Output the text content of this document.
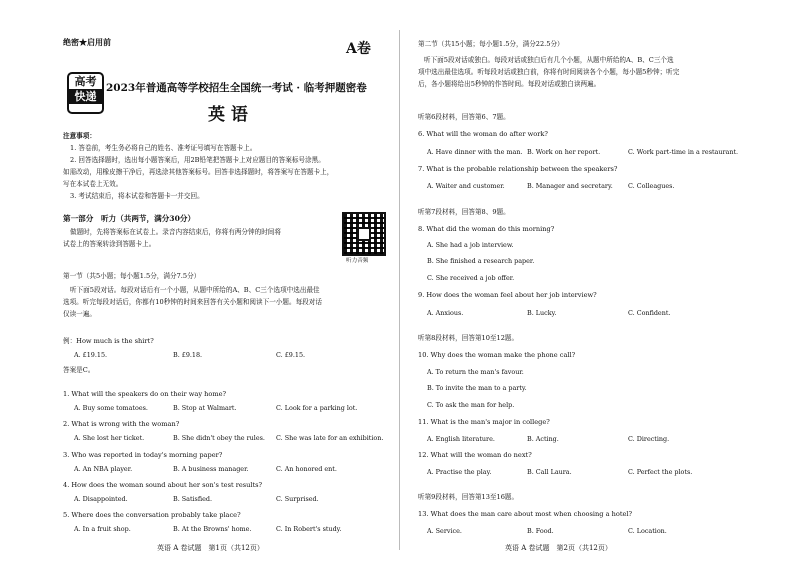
绝密★启用前	A卷
高考
快递
2023年普通高等学校招生全国统一考试 · 临考押题密卷
英 语
注意事项：
1. 答卷前，考生务必将自己的姓名、准考证号填写在答题卡上。
2. 回答选择题时，选出每小题答案后，用2B铅笔把答题卡上对应题目的答案标号涂黑。
如需改动，用橡皮擦干净后，再选涂其他答案标号。回答非选择题时，将答案写在答题卡上，
写在本试卷上无效。
3. 考试结束后，将本试卷和答题卡一并交回。
第一部分　听力（共两节，满分30分）
做题时，先将答案标在试卷上。录音内容结束后，你将有两分钟的时间将
试卷上的答案转涂到答题卡上。
听力音频
第一节（共5小题；每小题1.5分，满分7.5分）
听下面5段对话。每段对话后有一个小题，从题中所给的A、B、C三个选项中选出最佳
选项。听完每段对话后，你都有10秒钟的时间来回答有关小题和阅读下一小题。每段对话
仅读一遍。
例：How much is the shirt?
A. £19.15.	B. £9.18.	C. £9.15.
答案是C。
1. What will the speakers do on their way home?
A. Buy some tomatoes.	B. Stop at Walmart.	C. Look for a parking lot.
2. What is wrong with the woman?
A. She lost her ticket.	B. She didn't obey the rules. C. She was late for an exhibition.
3. Who was reported in today's morning paper?
A. An NBA player.	B. A business manager.	C. An honored ent.
4. How does the woman sound about her son's test results?
A. Disappointed.	B. Satisfied.	C. Surprised.
5. Where does the conversation probably take place?
A. In a fruit shop.	B. At the Browns' home.	C. In Robert's study.
英语 A 卷试题　第1页（共12页）
第二节（共15小题；每小题1.5分，满分22.5分）
听下面5段对话或独白。每段对话或独白后有几个小题，从题中所给的A、B、C三个选
项中选出最佳选项。听每段对话或独白前，你将有时间阅读各个小题，每小题5秒钟；听完
后，各小题将给出5秒钟的作答时间。每段对话或独白读两遍。
听第6段材料，回答第6、7题。
6. What will the woman do after work?
A. Have dinner with the man. B. Work on her report.	C. Work part-time in a restaurant.
7. What is the probable relationship between the speakers?
A. Waiter and customer.	B. Manager and secretary. C. Colleagues.
听第7段材料，回答第8、9题。
8. What did the woman do this morning?
A. She had a job interview.
B. She finished a research paper.
C. She received a job offer.
9. How does the woman feel about her job interview?
A. Anxious.	B. Lucky.	C. Confident.
听第8段材料，回答第10至12题。
10. Why does the woman make the phone call?
A. To return the man's favour.
B. To invite the man to a party.
C. To ask the man for help.
11. What is the man's major in college?
A. English literature.	B. Acting.	C. Directing.
12. What will the woman do next?
A. Practise the play.	B. Call Laura.	C. Perfect the plots.
听第9段材料，回答第13至16题。
13. What does the man care about most when choosing a hotel?
A. Service.	B. Food.	C. Location.
英语 A 卷试题　第2页（共12页）
